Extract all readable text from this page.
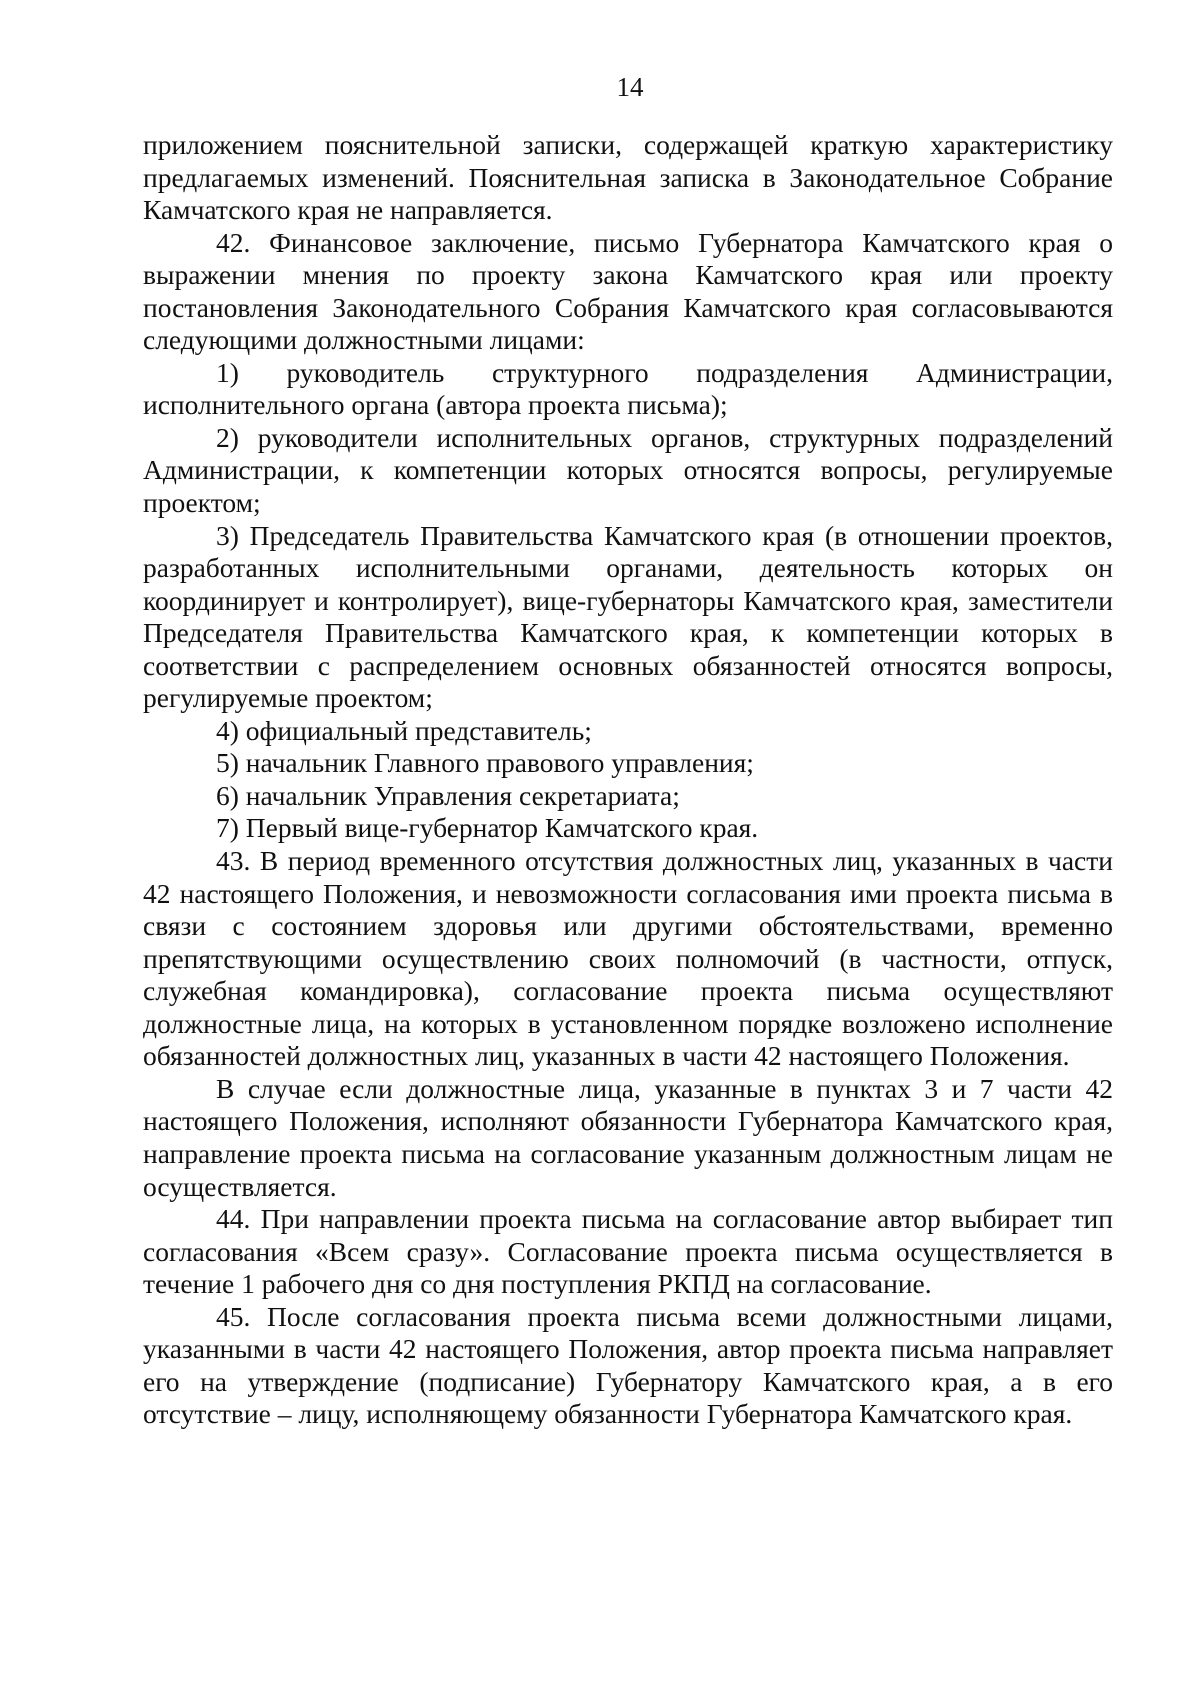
14

приложением пояснительной записки, содержащей краткую характеристику предлагаемых изменений. Пояснительная записка в Законодательное Собрание Камчатского края не направляется.

42. Финансовое заключение, письмо Губернатора Камчатского края о выражении мнения по проекту закона Камчатского края или проекту постановления Законодательного Собрания Камчатского края согласовываются следующими должностными лицами:

1) руководитель структурного подразделения Администрации, исполнительного органа (автора проекта письма);

2) руководители исполнительных органов, структурных подразделений Администрации, к компетенции которых относятся вопросы, регулируемые проектом;

3) Председатель Правительства Камчатского края (в отношении проектов, разработанных исполнительными органами, деятельность которых он координирует и контролирует), вице-губернаторы Камчатского края, заместители Председателя Правительства Камчатского края, к компетенции которых в соответствии с распределением основных обязанностей относятся вопросы, регулируемые проектом;

4) официальный представитель;

5) начальник Главного правового управления;

6) начальник Управления секретариата;

7) Первый вице-губернатор Камчатского края.

43. В период временного отсутствия должностных лиц, указанных в части 42 настоящего Положения, и невозможности согласования ими проекта письма в связи с состоянием здоровья или другими обстоятельствами, временно препятствующими осуществлению своих полномочий (в частности, отпуск, служебная командировка), согласование проекта письма осуществляют должностные лица, на которых в установленном порядке возложено исполнение обязанностей должностных лиц, указанных в части 42 настоящего Положения.

В случае если должностные лица, указанные в пунктах 3 и 7 части 42 настоящего Положения, исполняют обязанности Губернатора Камчатского края, направление проекта письма на согласование указанным должностным лицам не осуществляется.

44. При направлении проекта письма на согласование автор выбирает тип согласования «Всем сразу». Согласование проекта письма осуществляется в течение 1 рабочего дня со дня поступления РКПД на согласование.

45. После согласования проекта письма всеми должностными лицами, указанными в части 42 настоящего Положения, автор проекта письма направляет его на утверждение (подписание) Губернатору Камчатского края, а в его отсутствие – лицу, исполняющему обязанности Губернатора Камчатского края.
